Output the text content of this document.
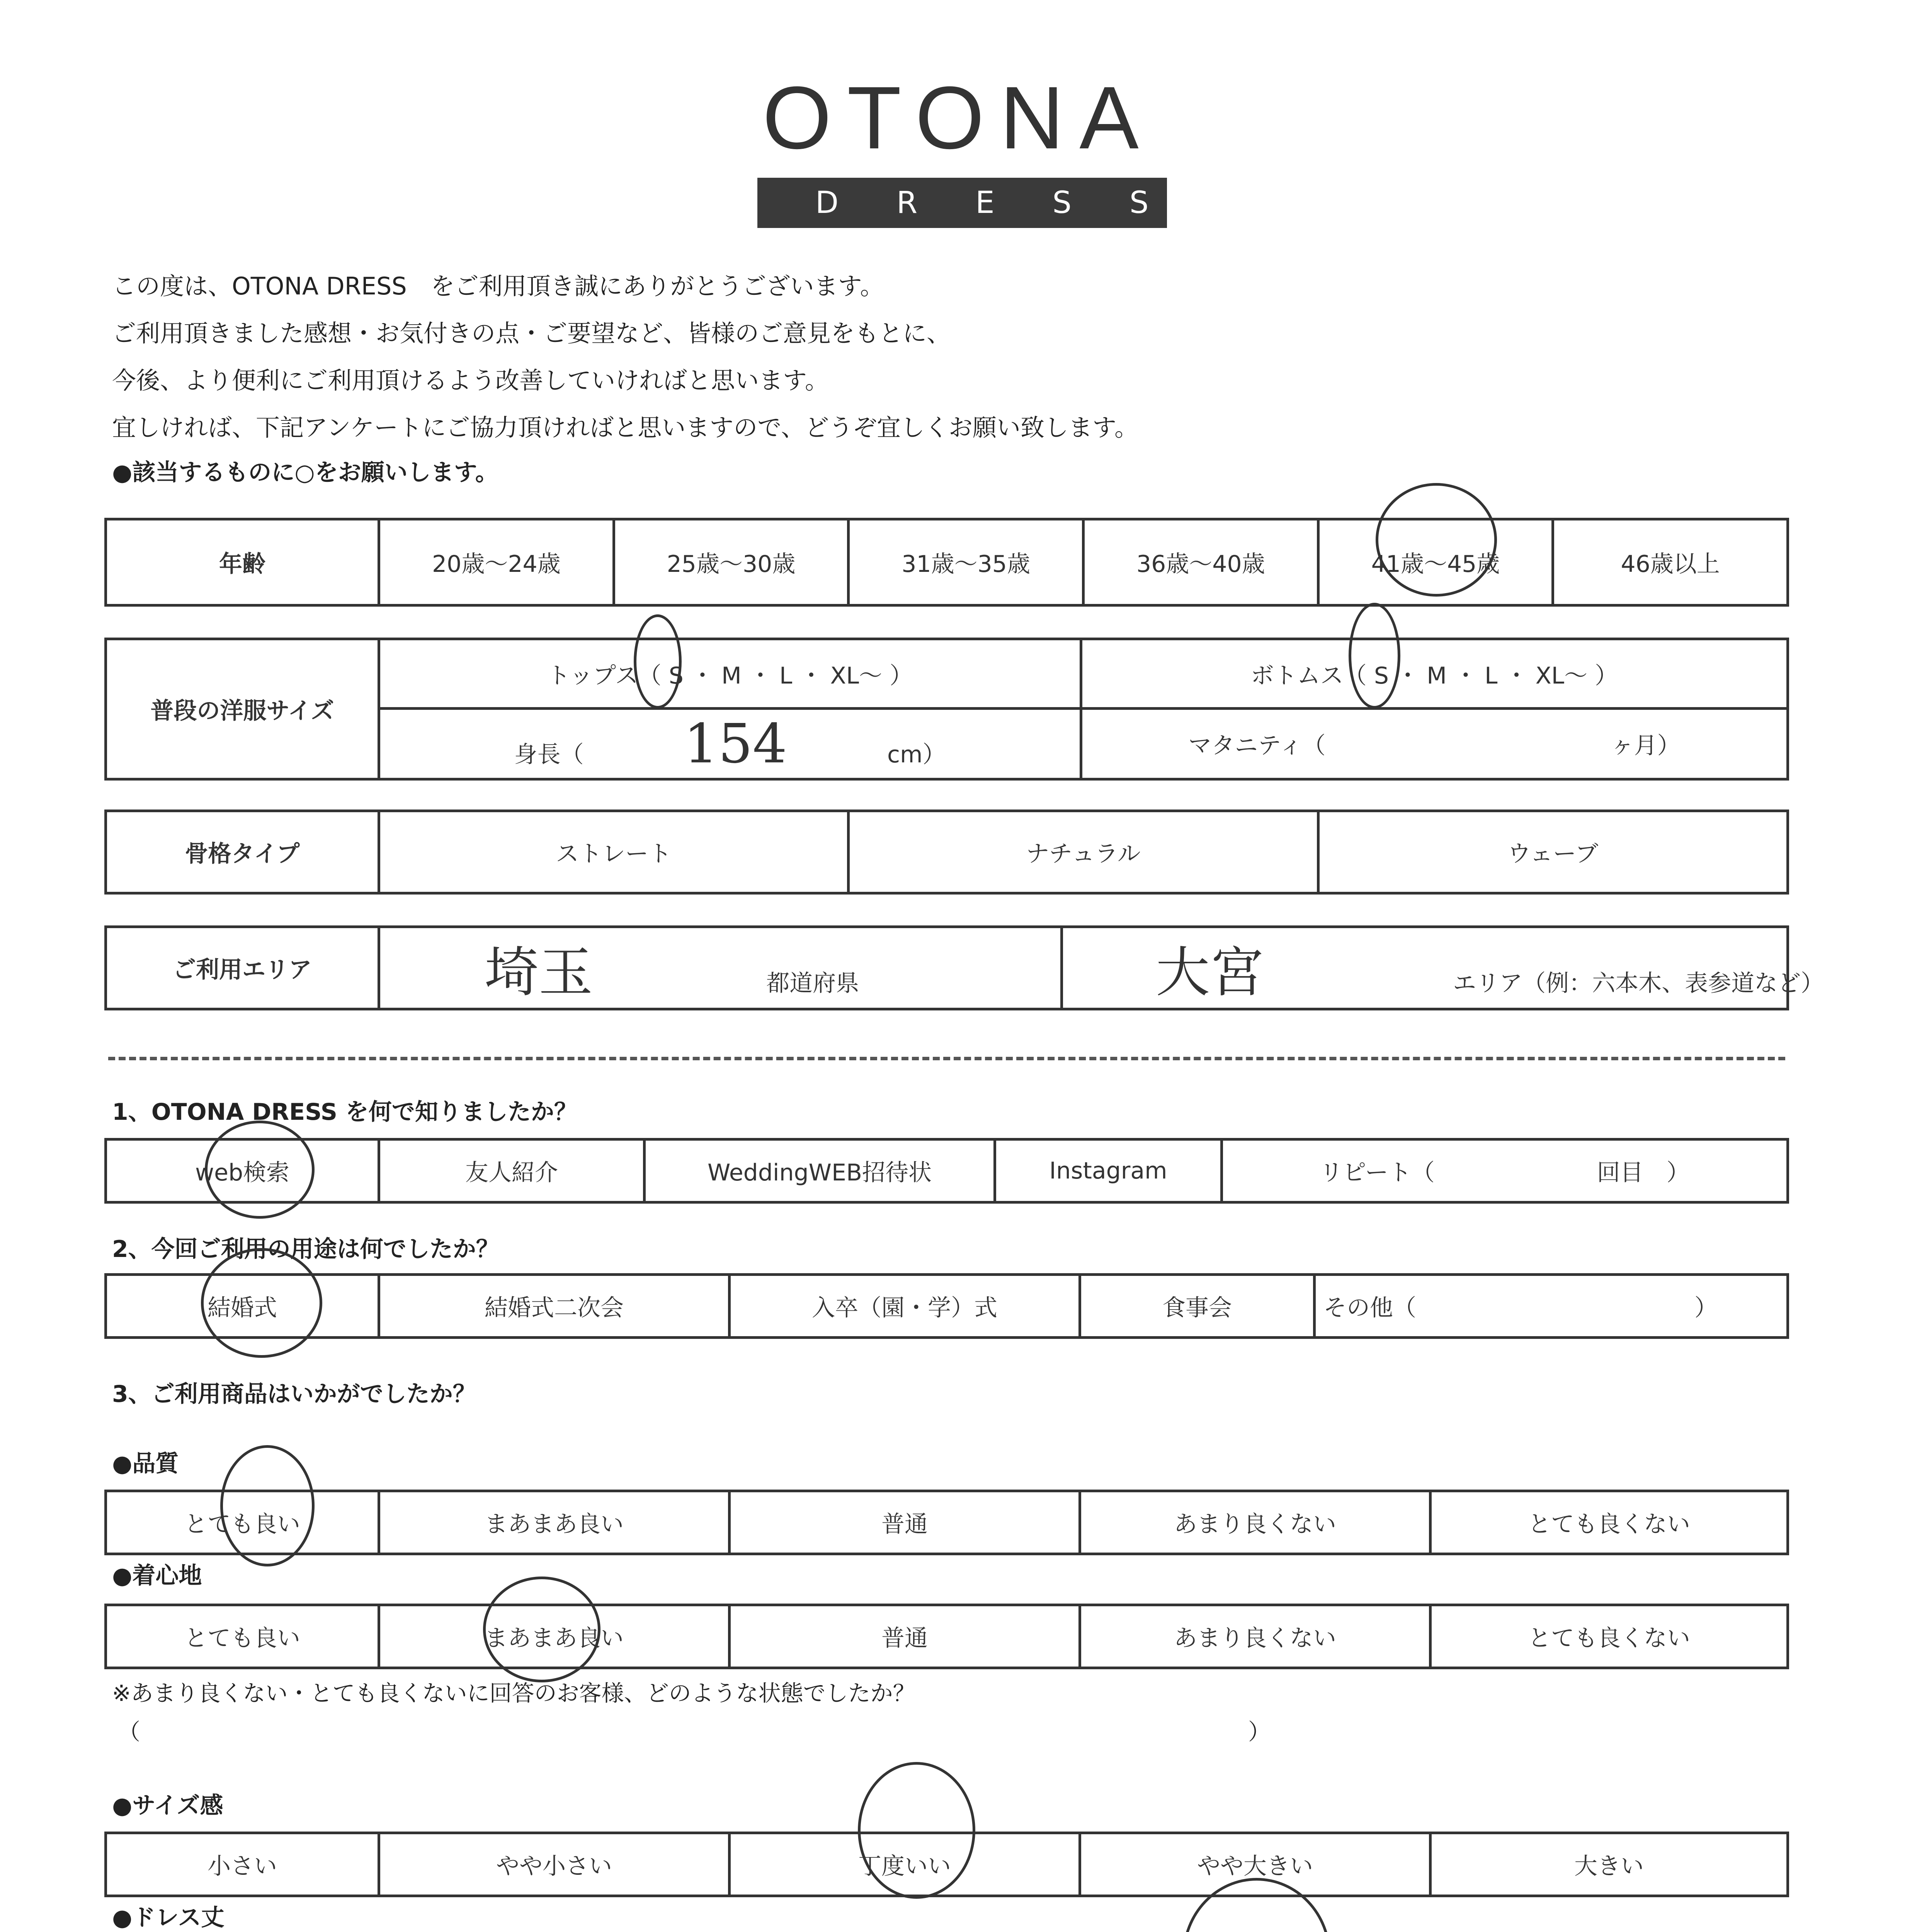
OTONA
DRESS
この度は、OTONA DRESS　をご利用頂き誠にありがとうございます。
ご利用頂きました感想・お気付きの点・ご要望など、皆様のご意見をもとに、
今後、より便利にご利用頂けるよう改善していければと思います。
宜しければ、下記アンケートにご協力頂ければと思いますので、どうぞ宜しくお願い致します。
●該当するものに○をお願いします。
年齢	20歳〜24歳	25歳〜30歳	31歳〜35歳	36歳〜40歳	41歳〜45歳	46歳以上
普段の洋服サイズ	トップス（ S ・ M ・ L ・ XL〜 ）	ボトムス（ S ・ M ・ L ・ XL〜 ）
	身長（ 154 cm）	マタニティ（ ヶ月）
骨格タイプ	ストレート	ナチュラル	ウェーブ
ご利用エリア	埼玉	都道府県	大宮	エリア（例：六本木、表参道など）
1、OTONA DRESS を何で知りましたか？
web検索	友人紹介	WeddingWEB招待状	Instagram	リピート（　　　　　　　回目　）
2、今回ご利用の用途は何でしたか？
結婚式	結婚式二次会	入卒（園・学）式	食事会	その他（　　　　　　　　　　　　）
3、ご利用商品はいかがでしたか？
●品質
とても良い	まあまあ良い	普通	あまり良くない	とても良くない
●着心地
とても良い	まあまあ良い	普通	あまり良くない	とても良くない
※あまり良くない・とても良くないに回答のお客様、どのような状態でしたか？
（	）
●サイズ感
小さい	やや小さい	丁度いい	やや大きい	大きい
●ドレス丈
